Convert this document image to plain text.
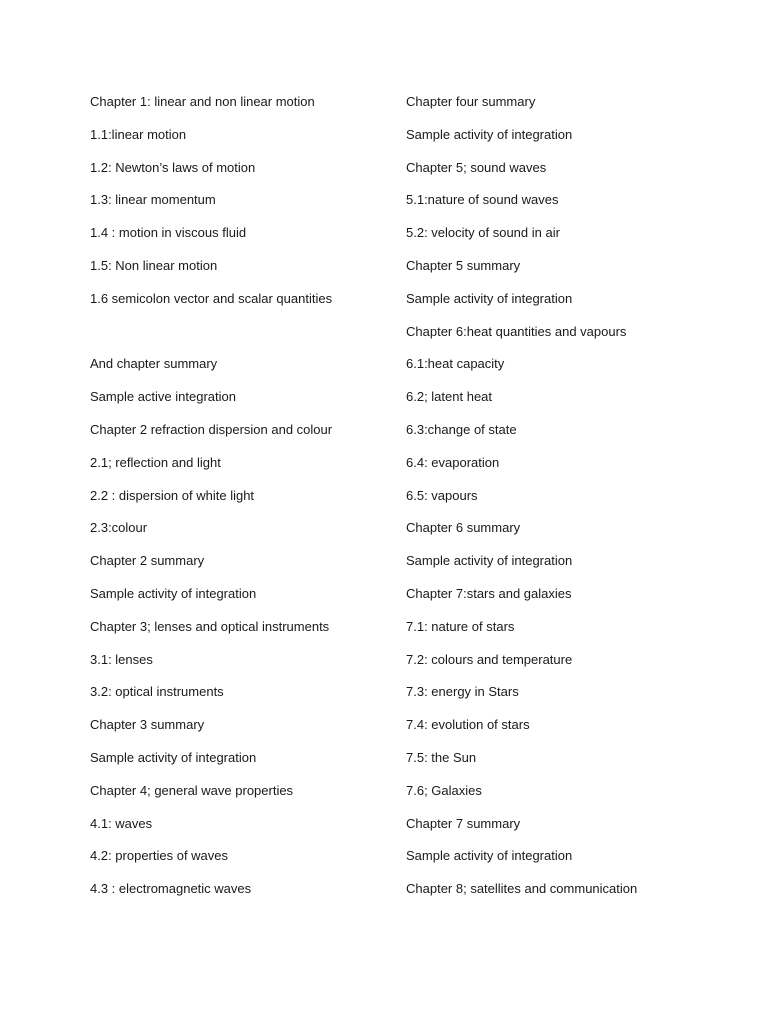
Chapter 1: linear and non linear motion
1.1:linear motion
1.2: Newton’s laws of motion
1.3: linear momentum
1.4 : motion in viscous fluid
1.5: Non linear motion
1.6 semicolon vector and scalar quantities
And chapter summary
Sample active integration
Chapter 2 refraction dispersion and colour
2.1; reflection and light
2.2 : dispersion of white light
2.3:colour
Chapter 2 summary
Sample activity of integration
Chapter 3; lenses and optical instruments
3.1: lenses
3.2: optical instruments
Chapter 3 summary
Sample activity of integration
Chapter 4; general wave properties
4.1: waves
4.2: properties of waves
4.3 : electromagnetic waves
Chapter four summary
Sample activity of integration
Chapter 5; sound waves
5.1:nature of sound waves
5.2: velocity of sound in air
Chapter 5 summary
Sample activity of integration
Chapter 6:heat quantities and vapours
6.1:heat capacity
6.2; latent heat
6.3:change of state
6.4: evaporation
6.5: vapours
Chapter 6 summary
Sample activity of integration
Chapter 7:stars and galaxies
7.1: nature of stars
7.2: colours and temperature
7.3: energy in Stars
7.4: evolution of stars
7.5: the Sun
7.6; Galaxies
Chapter 7 summary
Sample activity of integration
Chapter 8; satellites and communication
